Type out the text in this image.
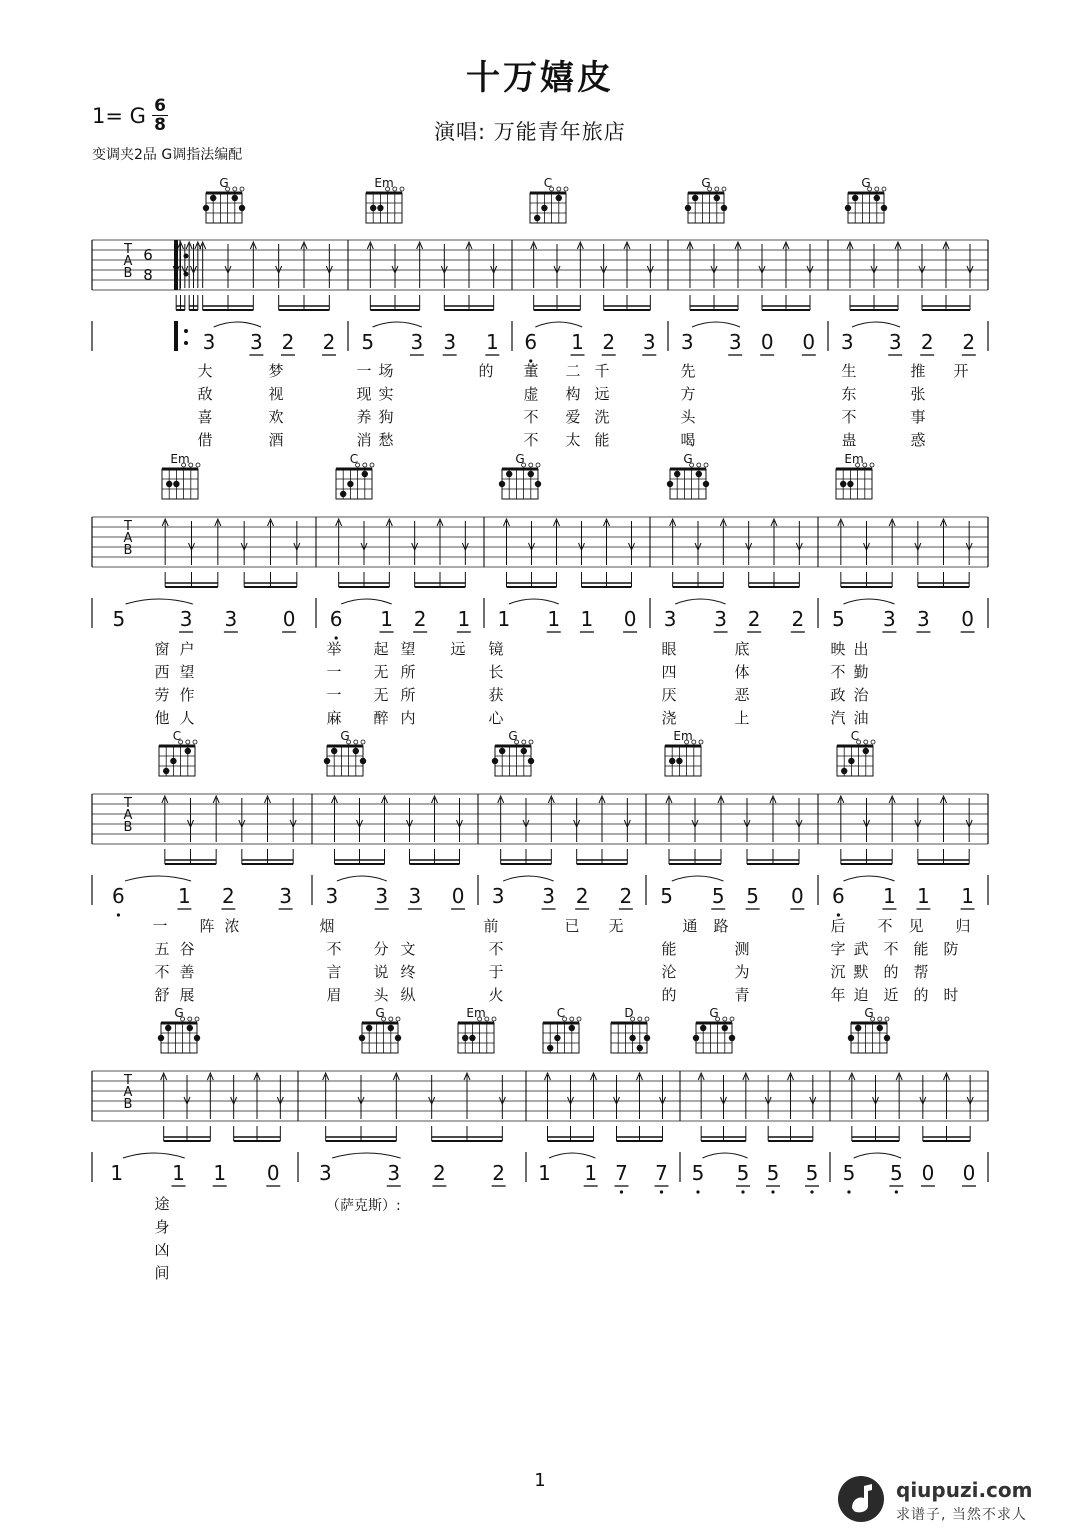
十万嬉皮
1= G 6
8	演唱: 万能青年旅店
变调夹2品 G调指法编配
T
A
B
6
8
G	Em	C	G	G
3 3 2 2 5 3 3 1 6 1 2 3 3 3 0 0 3 3 2 2
T
A
B
Em	C	G	G	Em
5	3 3 0 6 1 2 1 1 1 1 0 3 3 2 2 5 3 3 0
T
A
B
C	G	G	Em	C
6	1 2 3 3 3 3 0 3 3 2 2 5 5 5 0 6 1 1 1
T
A
B
G	G	Em	C	D	G	G
1 1 1 0 3	3 2 2 1 1 7 7 5 5 5 5 5 5 0 0
大	梦	一 场	的	董	二 千	先	生	推	开
敌	视	现 实	虚	构 远	方	东	张
喜	欢	养 狗	不	爱 洗	头	不	事
借	酒	消 愁	不	太 能	喝	蛊	惑
窗 户	举	起 望	远	镜	眼	底	映 出
西 望	一	无 所	长	四	体	不 勤
劳 作	一	无 所	获	厌	恶	政 治
他 人	麻	醉 内	心	浇	上	汽 油
一	阵 浓	烟	前	已	无	通	路	后	不	见	归
五 谷	不	分 文	不	能	测	字 武 不 能 防
不 善	言	说 终	于	沦	为	沉 默 的 帮
舒 展	眉	头 纵	火	的	青	年 迫 近 的 时
途
身
凶
间
（萨克斯）:
1	qiupuzi.com
求谱子, 当然不求人
